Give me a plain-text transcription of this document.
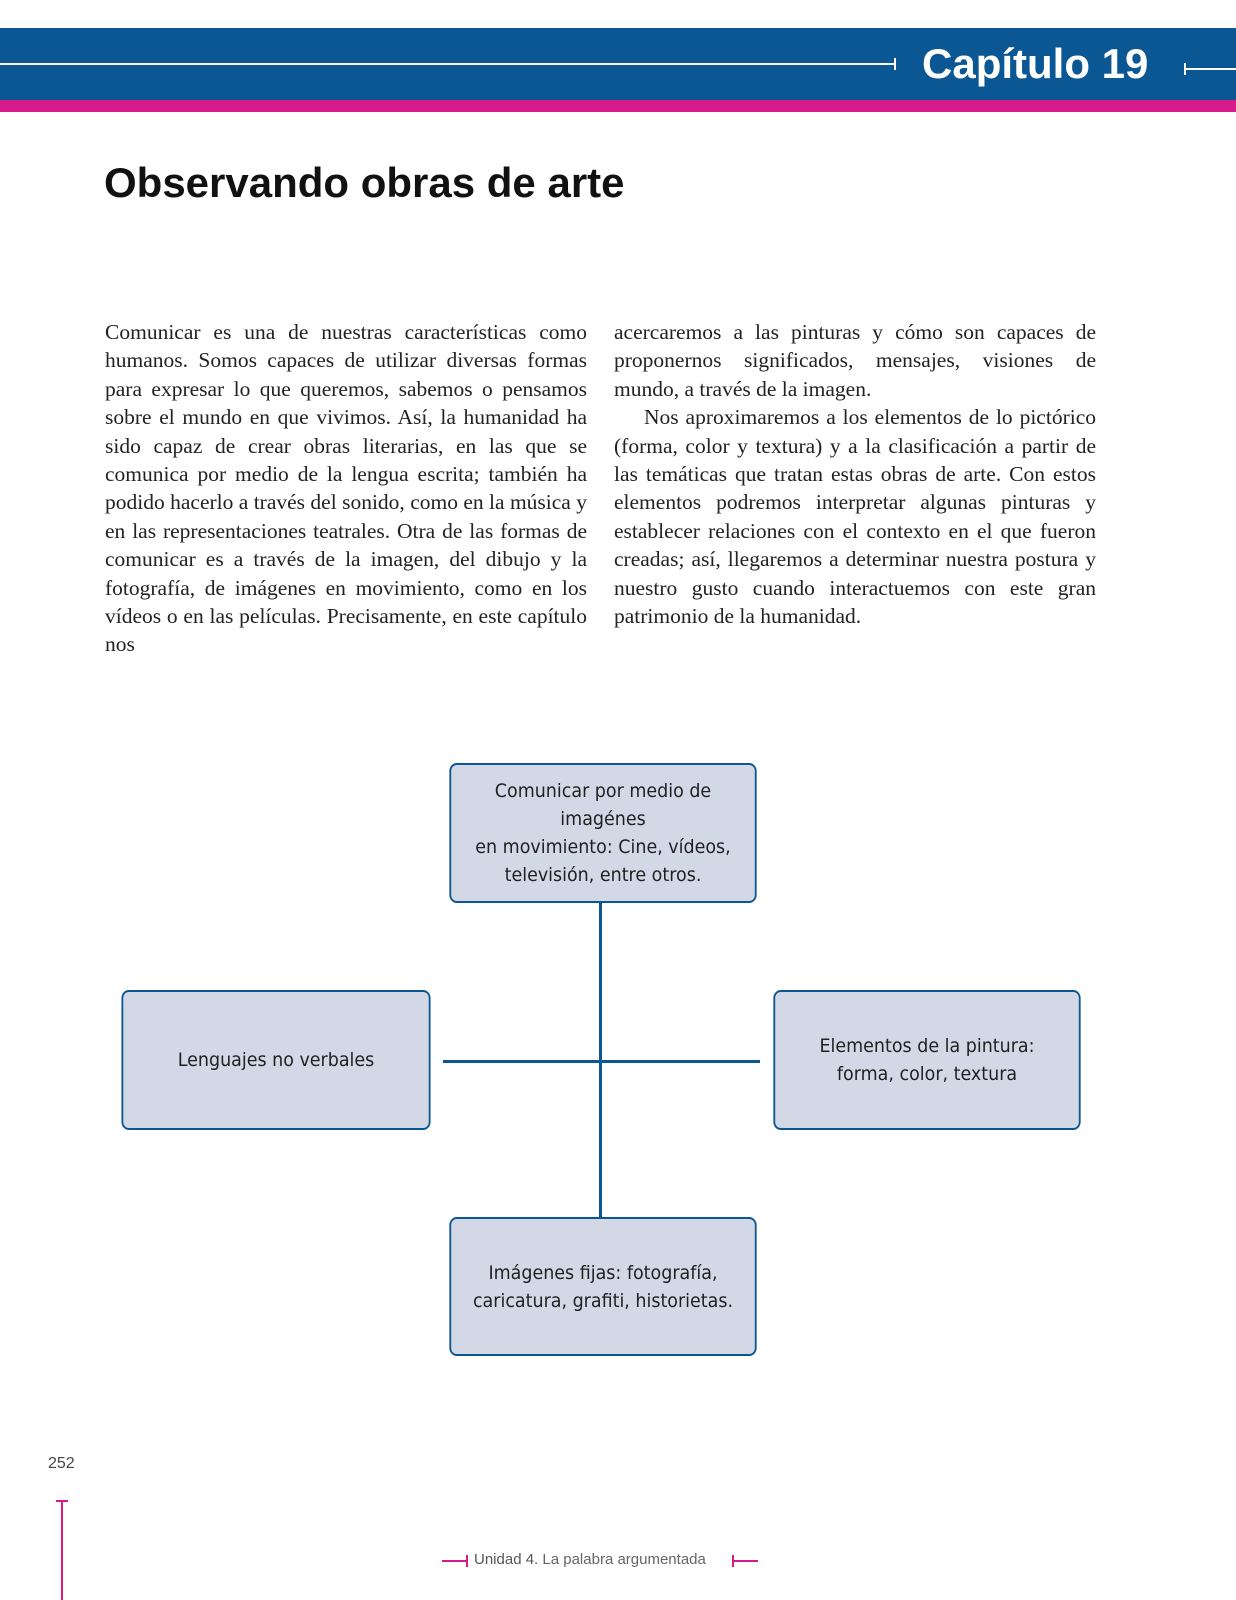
Capítulo 19
Observando obras de arte

Comunicar es una de nuestras características como humanos. Somos capaces de utilizar diversas formas para expresar lo que queremos, sabemos o pensamos sobre el mundo en que vivimos. Así, la humanidad ha sido capaz de crear obras literarias, en las que se comunica por medio de la lengua escrita; también ha podido hacerlo a través del sonido, como en la música y en las representaciones teatrales. Otra de las formas de comunicar es a través de la imagen, del dibujo y la fotografía, de imágenes en movimiento, como en los vídeos o en las películas. Precisamente, en este capítulo nos

acercaremos a las pinturas y cómo son capaces de proponernos significados, mensajes, visiones de mundo, a través de la imagen.

Nos aproximaremos a los elementos de lo pictórico (forma, color y textura) y a la clasificación a partir de las temáticas que tratan estas obras de arte. Con estos elementos podremos interpretar algunas pinturas y establecer relaciones con el contexto en el que fueron creadas; así, llegaremos a determinar nuestra postura y nuestro gusto cuando interactuemos con este gran patrimonio de la humanidad.

Comunicar por medio de imagénes
en movimiento: Cine, vídeos,
televisión, entre otros.
Lenguajes no verbales
Elementos de la pintura:
forma, color, textura
Imágenes fijas: fotografía,
caricatura, grafiti, historietas.
252
Unidad 4. La palabra argumentada
